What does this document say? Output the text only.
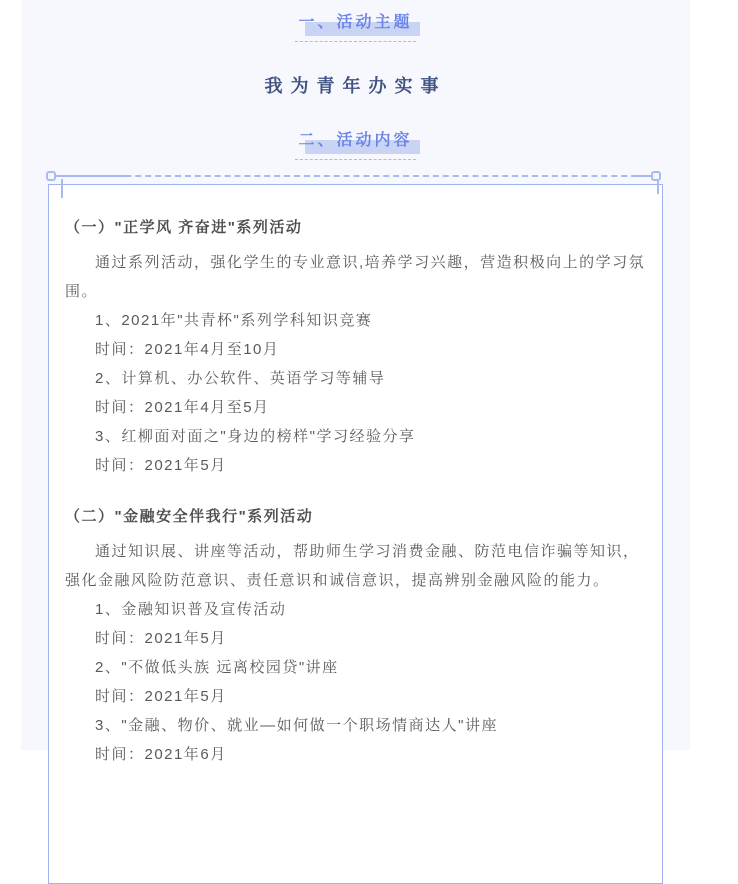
一、活动主题
我为青年办实事
二、活动内容

（一）"正学风 齐奋进"系列活动

通过系列活动，强化学生的专业意识,培养学习兴趣，营造积极向上的学习氛围。

1、2021年"共青杯"系列学科知识竞赛

时间：2021年4月至10月

2、计算机、办公软件、英语学习等辅导

时间：2021年4月至5月

3、红柳面对面之"身边的榜样"学习经验分享

时间：2021年5月

（二）"金融安全伴我行"系列活动

通过知识展、讲座等活动，帮助师生学习消费金融、防范电信诈骗等知识，强化金融风险防范意识、责任意识和诚信意识，提高辨别金融风险的能力。

1、金融知识普及宣传活动

时间：2021年5月

2、"不做低头族 远离校园贷"讲座

时间：2021年5月

3、"金融、物价、就业—如何做一个职场情商达人"讲座

时间：2021年6月
